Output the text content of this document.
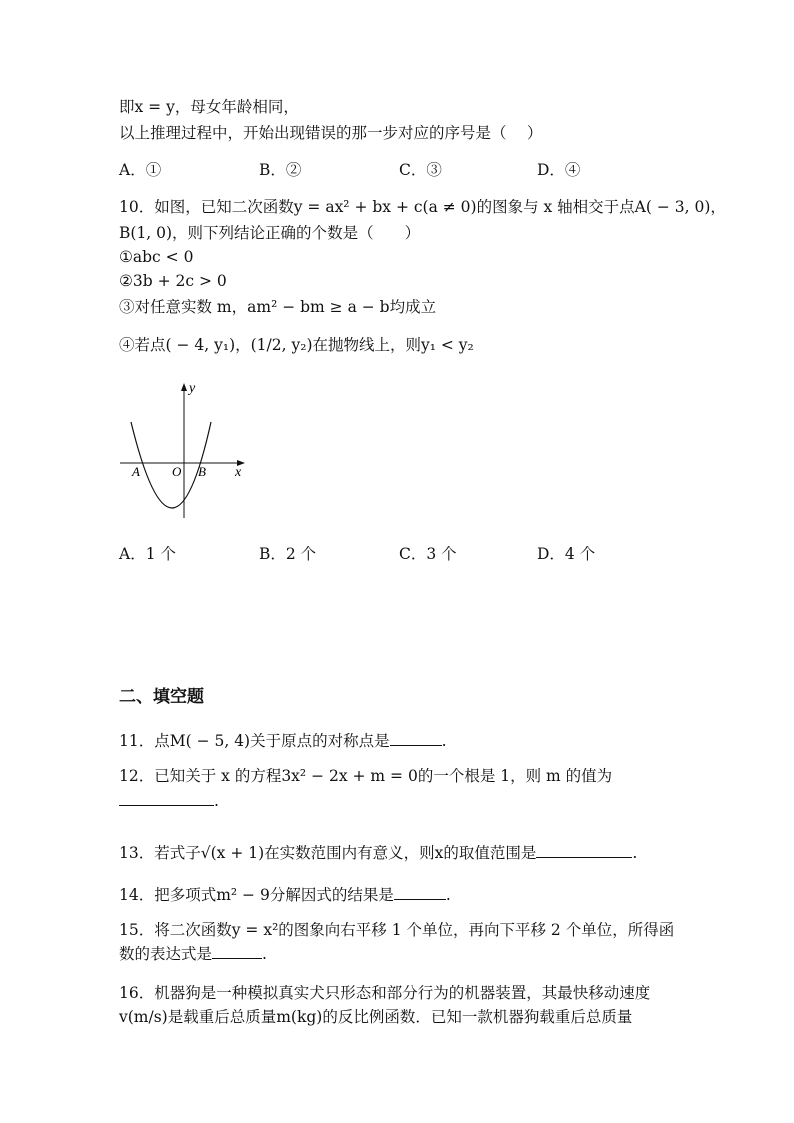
即x = y，母女年龄相同，
以上推理过程中，开始出现错误的那一步对应的序号是（　 ）
A．①	B．②	C．③	D．④
10．如图，已知二次函数y = ax² + bx + c(a ≠ 0)的图象与 x 轴相交于点A( − 3, 0)，
B(1, 0)，则下列结论正确的个数是（　　）
①abc < 0
②3b + 2c > 0
③对任意实数 m，am² − bm ≥ a − b均成立
④若点( − 4, y₁)，(1/2, y₂)在抛物线上，则y₁ < y₂
y
x
A O B
A．1 个	B．2 个	C．3 个	D．4 个
二、填空题
11．点M( − 5, 4)关于原点的对称点是	.
12．已知关于 x 的方程3x² − 2x + m = 0的一个根是 1，则 m 的值为
.
13．若式子√(x + 1)在实数范围内有意义，则x的取值范围是	.
14．把多项式m² − 9分解因式的结果是	.
15．将二次函数y = x²的图象向右平移 1 个单位，再向下平移 2 个单位，所得函
数的表达式是	.
16．机器狗是一种模拟真实犬只形态和部分行为的机器装置，其最快移动速度
v(m/s)是载重后总质量m(kg)的反比例函数．已知一款机器狗载重后总质量
